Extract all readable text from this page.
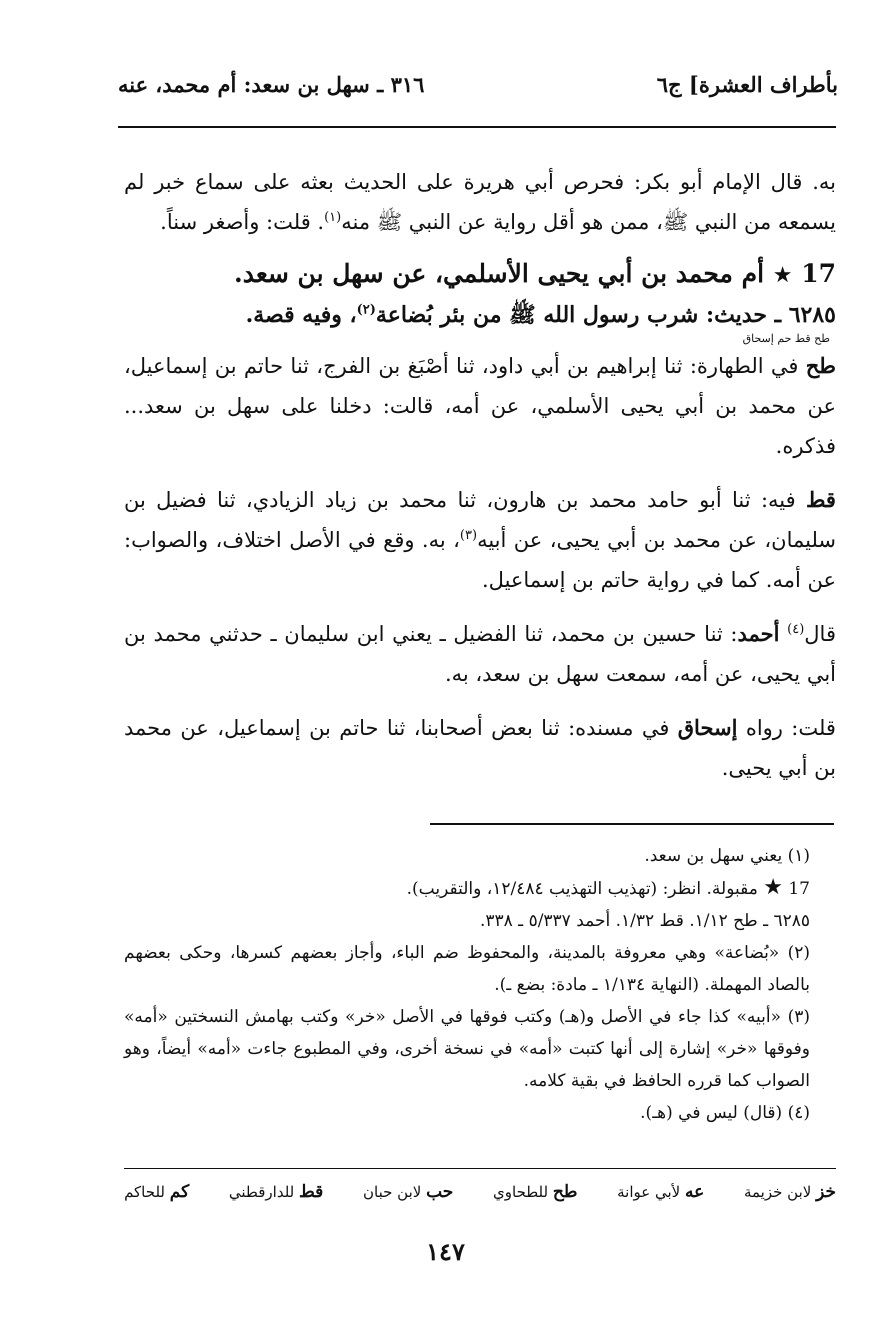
بأطراف العشرة] ج٦
٣١٦ ـ سهل بن سعد: أم محمد، عنه

به. قال الإمام أبو بكر: فحرص أبي هريرة على الحديث بعثه على سماع خبر لم يسمعه من النبي ﷺ، ممن هو أقل رواية عن النبي ﷺ منه$^{(١)}$. قلت: وأصغر سناً.

17 ★ أم محمد بن أبي يحيى الأسلمي، عن سهل بن سعد.

٦٢٨٥ ـ حديث: شرب رسول الله ﷺ من بئر بُضاعة$^{(٢)}$، وفيه قصة.

طح قط حم إسحاق

طح في الطهارة: ثنا إبراهيم بن أبي داود، ثنا أصْبَغ بن الفرج، ثنا حاتم بن إسماعيل، عن محمد بن أبي يحيى الأسلمي، عن أمه، قالت: دخلنا على سهل بن سعد... فذكره.

قط فيه: ثنا أبو حامد محمد بن هارون، ثنا محمد بن زياد الزيادي، ثنا فضيل بن سليمان، عن محمد بن أبي يحيى، عن أبيه$^{(٣)}$، به. وقع في الأصل اختلاف، والصواب: عن أمه. كما في رواية حاتم بن إسماعيل.

قال$^{(٤)}$ أحمد: ثنا حسين بن محمد، ثنا الفضيل ـ يعني ابن سليمان ـ حدثني محمد بن أبي يحيى، عن أمه، سمعت سهل بن سعد، به.

قلت: رواه إسحاق في مسنده: ثنا بعض أصحابنا، ثنا حاتم بن إسماعيل، عن محمد بن أبي يحيى.

(١) يعني سهل بن سعد.

17 ★ مقبولة. انظر: (تهذيب التهذيب ١٢/٤٨٤، والتقريب).

٦٢٨٥ ـ طح ١/١٢. قط ١/٣٢. أحمد ٥/٣٣٧ ـ ٣٣٨.

(٢) «بُضاعة» وهي معروفة بالمدينة، والمحفوظ ضم الباء، وأجاز بعضهم كسرها، وحكى بعضهم بالصاد المهملة. (النهاية ١/١٣٤ ـ مادة: بضع ـ).

(٣) «أبيه» كذا جاء في الأصل و(هـ) وكتب فوقها في الأصل «خر» وكتب بهامش النسختين «أمه» وفوقها «خر» إشارة إلى أنها كتبت «أمه» في نسخة أخرى، وفي المطبوع جاءت «أمه» أيضاً، وهو الصواب كما قرره الحافظ في بقية كلامه.

(٤) (قال) ليس في (هـ).

خز لابن خزيمة
عه لأبي عوانة
طح للطحاوي
حب لابن حبان
قط للدارقطني
كم للحاكم
١٤٧
